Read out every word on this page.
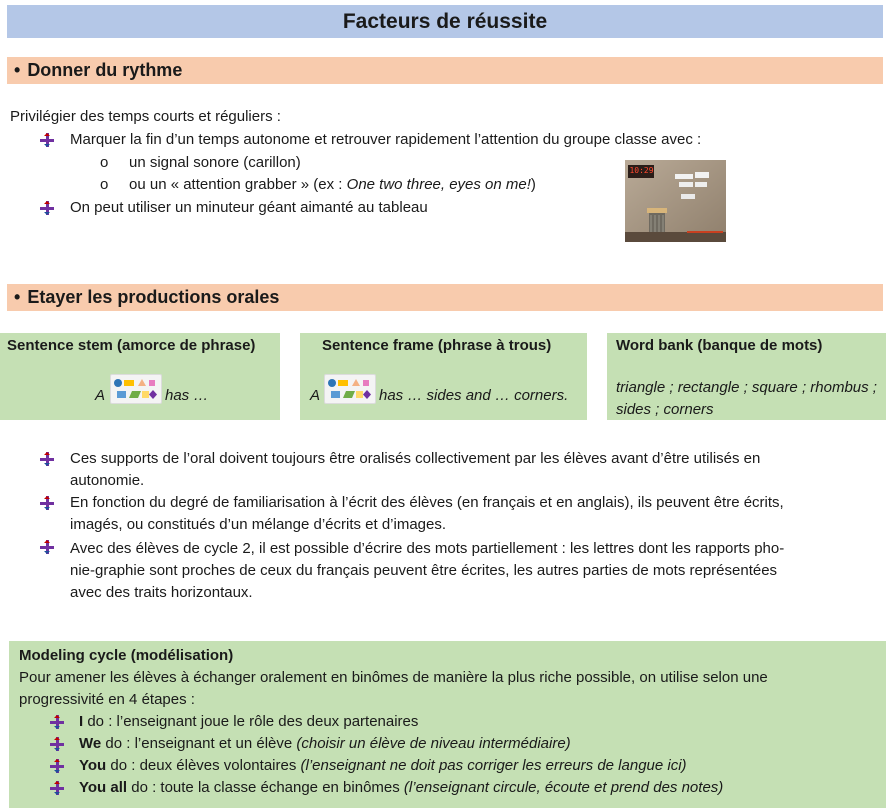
Facteurs de réussite
• Donner du rythme
Privilégier des temps courts et réguliers :
Marquer la fin d’un temps autonome et retrouver rapidement l’attention du groupe classe avec :
o un signal sonore (carillon)
o ou un « attention grabber » (ex : One two three, eyes on me!)
On peut utiliser un minuteur géant aimanté au tableau
10:29
• Etayer les productions orales
Sentence stem (amorce de phrase)
A	has …
Sentence frame (phrase à trous)
A	has … sides and … corners.
Word bank (banque de mots)
triangle ; rectangle ; square ; rhombus ;
sides ; corners
Ces supports de l’oral doivent toujours être oralisés collectivement par les élèves avant d’être utilisés en
autonomie.
En fonction du degré de familiarisation à l’écrit des élèves (en français et en anglais), ils peuvent être écrits,
imagés, ou constitués d’un mélange d’écrits et d’images.
Avec des élèves de cycle 2, il est possible d’écrire des mots partiellement : les lettres dont les rapports pho-
nie-graphie sont proches de ceux du français peuvent être écrites, les autres parties de mots représentées
avec des traits horizontaux.
Modeling cycle (modélisation)
Pour amener les élèves à échanger oralement en binômes de manière la plus riche possible, on utilise selon une
progressivité en 4 étapes :
I do : l’enseignant joue le rôle des deux partenaires
We do : l’enseignant et un élève (choisir un élève de niveau intermédiaire)
You do : deux élèves volontaires (l’enseignant ne doit pas corriger les erreurs de langue ici)
You all do : toute la classe échange en binômes (l’enseignant circule, écoute et prend des notes)
